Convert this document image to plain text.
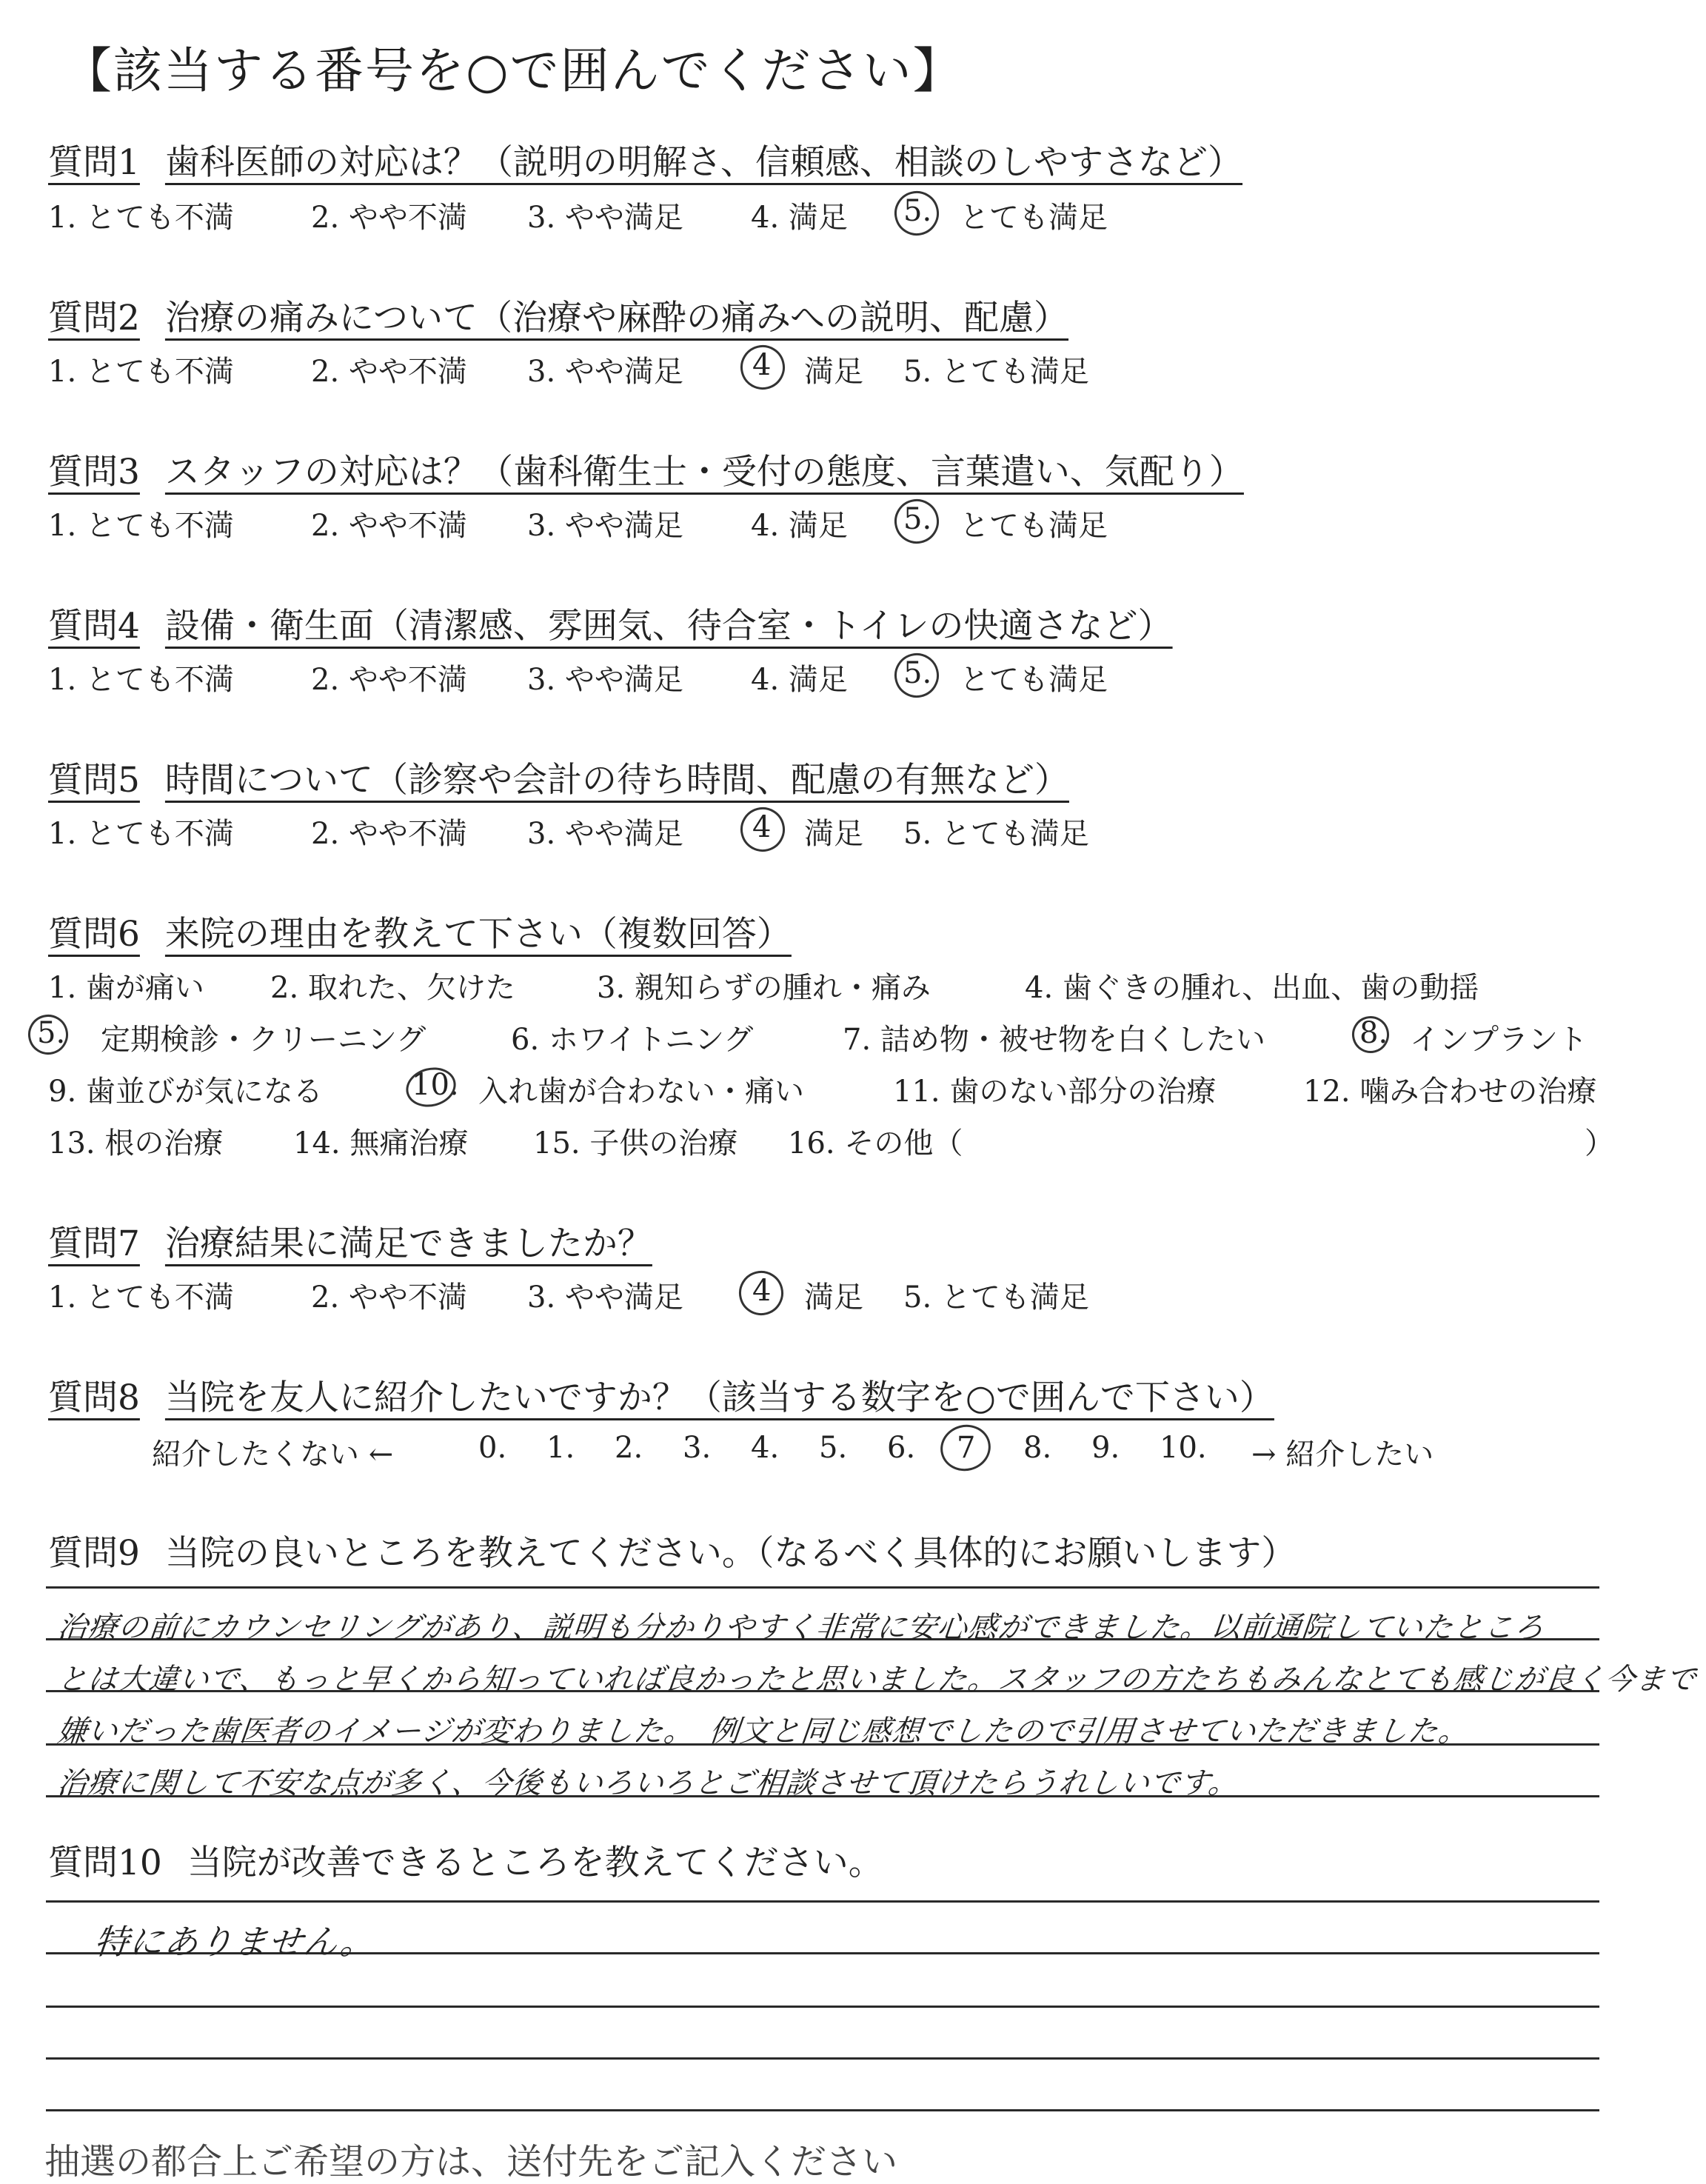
【該当する番号を○で囲んでください】
質問1 歯科医師の対応は？（説明の明解さ、信頼感、相談のしやすさなど）
1. とても不満	2. やや不満 3. やや満足 4. 満足 5. とても満足
質問2 治療の痛みについて（治療や麻酔の痛みへの説明、配慮）
1. とても不満	2. やや不満 3. やや満足 4 満足 5. とても満足
質問3 スタッフの対応は？（歯科衛生士・受付の態度、言葉遣い、気配り）
1. とても不満	2. やや不満 3. やや満足 4. 満足 5. とても満足
質問4 設備・衛生面（清潔感、雰囲気、待合室・トイレの快適さなど）
1. とても不満	2. やや不満 3. やや満足 4. 満足 5. とても満足
質問5 時間について（診察や会計の待ち時間、配慮の有無など）
1. とても不満	2. やや不満 3. やや満足 4 満足 5. とても満足
質問6 来院の理由を教えて下さい（複数回答）
1. 歯が痛い 2. 取れた、欠けた	3. 親知らずの腫れ・痛み	4. 歯ぐきの腫れ、出血、歯の動揺
5. 定期検診・クリーニング	6. ホワイトニング	7. 詰め物・被せ物を白くしたい	8. インプラント
9. 歯並びが気になる	10. 入れ歯が合わない・痛い	11. 歯のない部分の治療	12. 噛み合わせの治療
13. 根の治療 14. 無痛治療 15. 子供の治療 16. その他（	）
質問7 治療結果に満足できましたか？
1. とても不満	2. やや不満 3. やや満足 4 満足 5. とても満足
質問8 当院を友人に紹介したいですか？（該当する数字を○で囲んで下さい）
紹介したくない ←	0. 1. 2. 3. 4. 5. 6. 7 8. 9. 10. → 紹介したい
質問9 当院の良いところを教えてください。（なるべく具体的にお願いします）
治療の前にカウンセリングがあり、説明も分かりやすく非常に安心感ができました。以前通院していたところ
とは大違いで、もっと早くから知っていれば良かったと思いました。スタッフの方たちもみんなとても感じが良く今まで
嫌いだった歯医者のイメージが変わりました。　例文と同じ感想でしたので引用させていただきました。
治療に関して不安な点が多く、今後もいろいろとご相談させて頂けたらうれしいです。
質問10 当院が改善できるところを教えてください。
特にありません。
抽選の都合上ご希望の方は、送付先をご記入ください
